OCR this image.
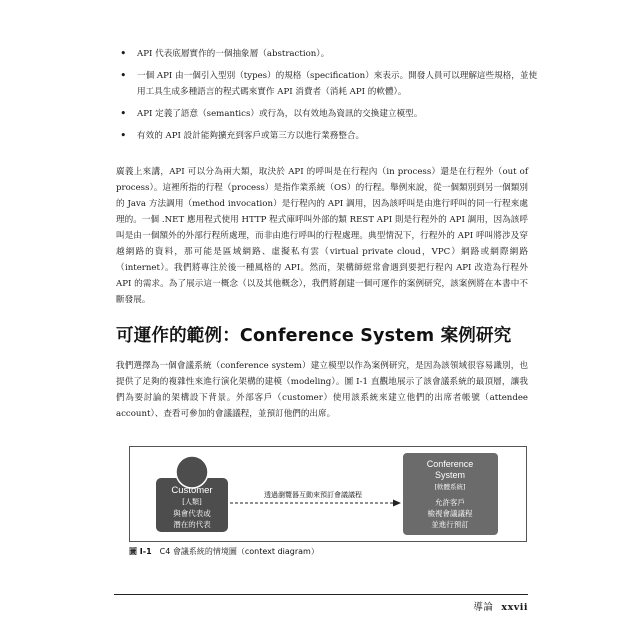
• API 代表底層實作的一個抽象層（abstraction）。
• 一個 API 由一個引入型別（types）的規格（specification）來表示。開發人員可以理解這些規格，並使用工具生成多種語言的程式碼來實作 API 消費者（消耗 API 的軟體）。
• API 定義了語意（semantics）或行為，以有效地為資訊的交換建立模型。
• 有效的 API 設計能夠擴充到客戶或第三方以進行業務整合。

廣義上來講，API 可以分為兩大類，取決於 API 的呼叫是在行程內（in process）還是在行程外（out of process）。這裡所指的行程（process）是指作業系統（OS）的行程。舉例來說，從一個類別到另一個類別的 Java 方法調用（method invocation）是行程內的 API 調用，因為該呼叫是由進行呼叫的同一行程來處理的。一個 .NET 應用程式使用 HTTP 程式庫呼叫外部的類 REST API 則是行程外的 API 調用，因為該呼叫是由一個額外的外部行程所處理，而非由進行呼叫的行程處理。典型情況下，行程外的 API 呼叫將涉及穿越網路的資料，那可能是區域網路、虛擬私有雲（virtual private cloud，VPC）網路或網際網路（internet）。我們將專注於後一種風格的 API。然而，架構師經常會遇到要把行程內 API 改造為行程外 API 的需求。為了展示這一概念（以及其他概念），我們將創建一個可運作的案例研究，該案例將在本書中不斷發展。

可運作的範例：Conference System 案例研究

我們選擇為一個會議系統（conference system）建立模型以作為案例研究，是因為該領域很容易識別，也提供了足夠的複雜性來進行演化架構的建模（modeling）。圖 I-1 直觀地展示了該會議系統的最頂層，讓我們為要討論的架構設下背景。外部客戶（customer）使用該系統來建立他們的出席者帳號（attendee account）、查看可參加的會議議程，並預訂他們的出席。

Customer
[人類]
與會代表或
潛在的代表
透過瀏覽器互動來預訂會議議程
Conference
System
[軟體系統]
允許客戶
檢視會議議程
並進行預訂
圖 I-1 C4 會議系統的情境圖（context diagram）
導論 xxvii
